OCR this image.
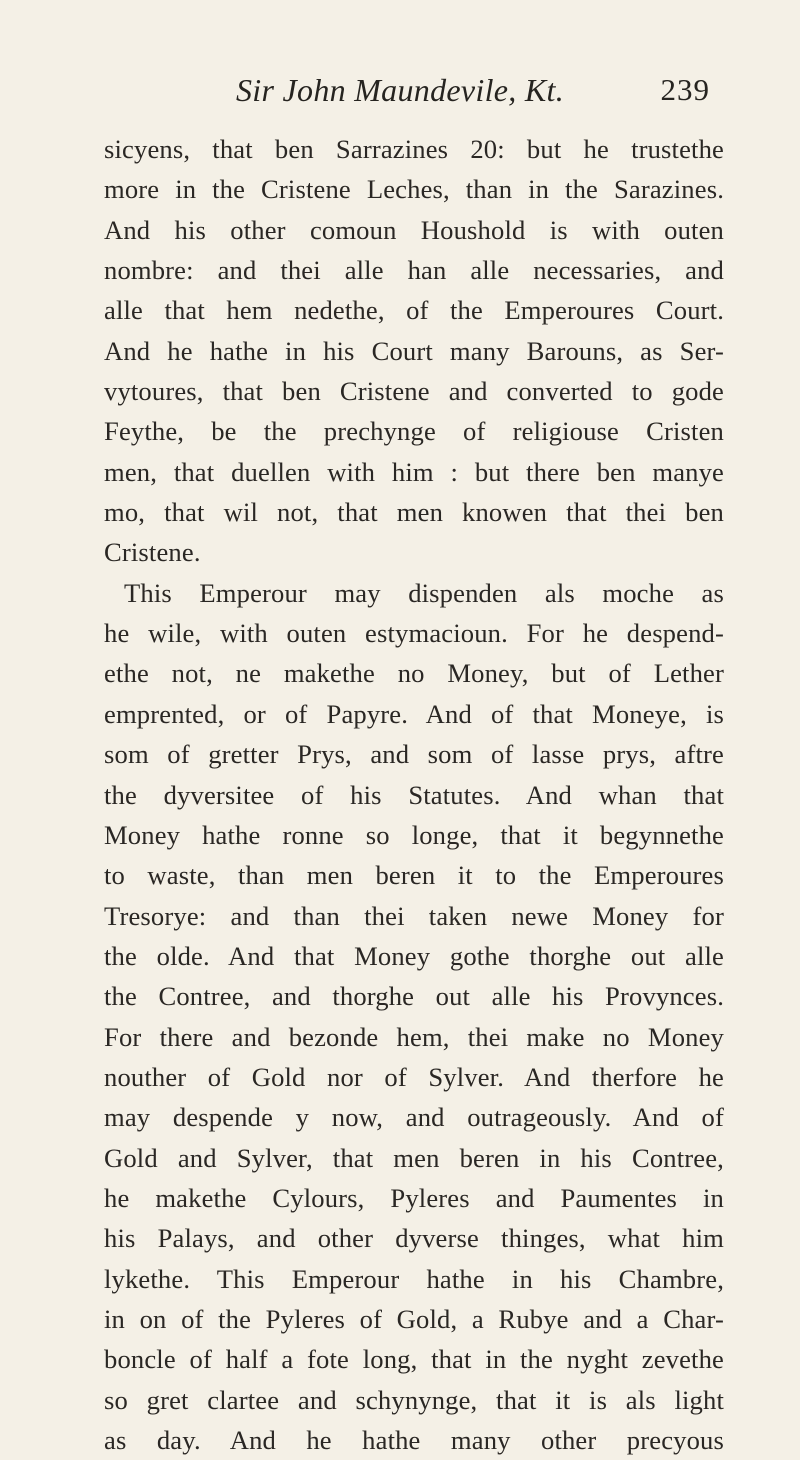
Sir John Maundevile, Kt.	239
sicyens, that ben Sarrazines 20: but he trustethe
more in the Cristene Leches, than in the Sarazines.
And his other comoun Houshold is with outen
nombre: and thei alle han alle necessaries, and
alle that hem nedethe, of the Emperoures Court.
And he hathe in his Court many Barouns, as Ser-
vytoures, that ben Cristene and converted to gode
Feythe, be the prechynge of religiouse Cristen
men, that duellen with him : but there ben manye
mo, that wil not, that men knowen that thei ben
Cristene.
This Emperour may dispenden als moche as
he wile, with outen estymacioun. For he despend-
ethe not, ne makethe no Money, but of Lether
emprented, or of Papyre. And of that Moneye, is
som of gretter Prys, and som of lasse prys, aftre
the dyversitee of his Statutes. And whan that
Money hathe ronne so longe, that it begynnethe
to waste, than men beren it to the Emperoures
Tresorye: and than thei taken newe Money for
the olde. And that Money gothe thorghe out alle
the Contree, and thorghe out alle his Provynces.
For there and bezonde hem, thei make no Money
nouther of Gold nor of Sylver. And therfore he
may despende y now, and outrageously. And of
Gold and Sylver, that men beren in his Contree,
he makethe Cylours, Pyleres and Paumentes in
his Palays, and other dyverse thinges, what him
lykethe. This Emperour hathe in his Chambre,
in on of the Pyleres of Gold, a Rubye and a Char-
boncle of half a fote long, that in the nyght zevethe
so gret clartee and schynynge, that it is als light
as day. And he hathe many other precyous
